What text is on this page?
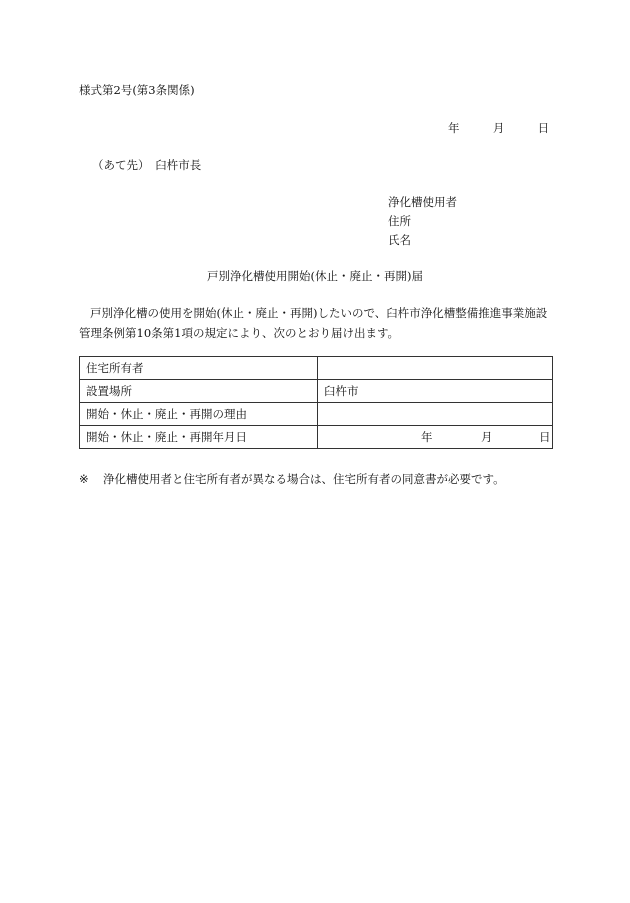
様式第2号(第3条関係)
年	月	日
（あて先）　臼杵市長
浄化槽使用者
住所
氏名
戸別浄化槽使用開始(休止・廃止・再開)届
戸別浄化槽の使用を開始(休止・廃止・再開)したいので、臼杵市浄化槽整備推進事業施設管理条例第10条第1項の規定により、次のとおり届け出ます。
住宅所有者	
設置場所	臼杵市
開始・休止・廃止・再開の理由	
開始・休止・廃止・再開年月日	年 月 日
※ 浄化槽使用者と住宅所有者が異なる場合は、住宅所有者の同意書が必要です。
